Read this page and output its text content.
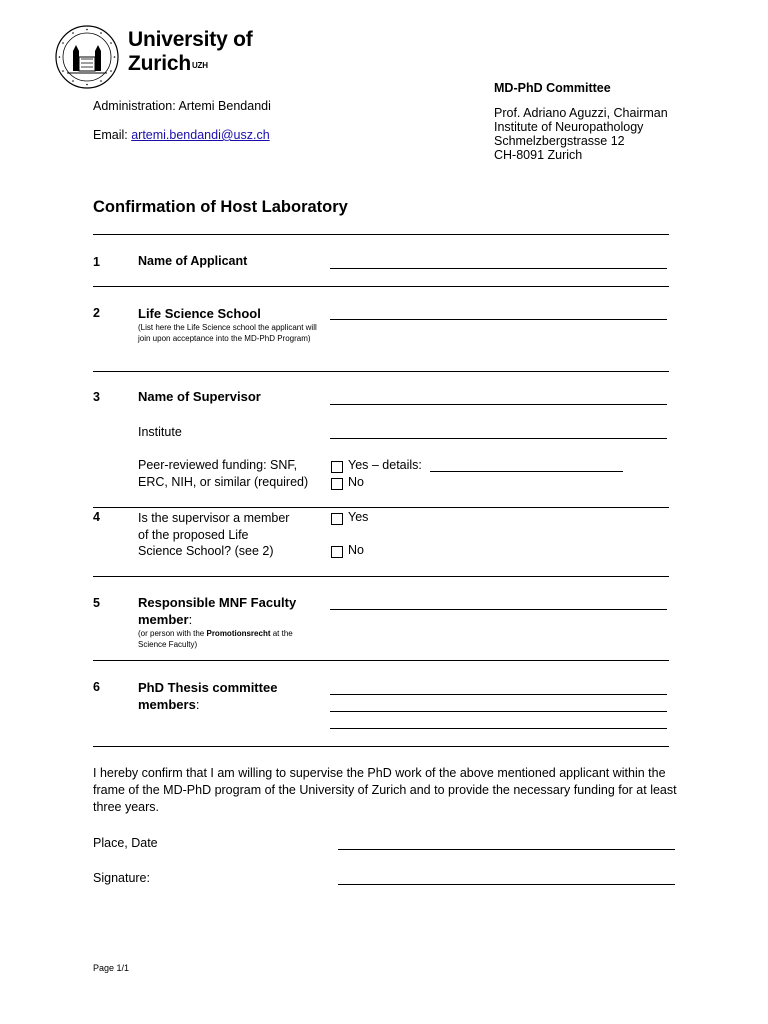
University of
Zurich$^{UZH}$
MD-PhD Committee
Prof. Adriano Aguzzi, Chairman
Institute of Neuropathology
Schmelzbergstrasse 12
CH-8091 Zurich
Administration: Artemi Bendandi
Email: artemi.bendandi@usz.ch
Confirmation of Host Laboratory
1	Name of Applicant
2	Life Science School
(List here the Life Science school the applicant will join upon acceptance into the MD-PhD Program)
3	Name of Supervisor
Institute
Peer-reviewed funding: SNF,
ERC, NIH, or similar (required)
Yes – details:
No
4	Is the supervisor a member
of the proposed Life
Science School? (see 2)
Yes
No
5	Responsible MNF Faculty
member:
(or person with the Promotionsrecht at the
Science Faculty)
6	PhD Thesis committee
members:
I hereby confirm that I am willing to supervise the PhD work of the above mentioned applicant within the frame of the MD-PhD program of the University of Zurich and to provide the necessary funding for at least three years.
Place, Date
Signature:
Page 1/1
